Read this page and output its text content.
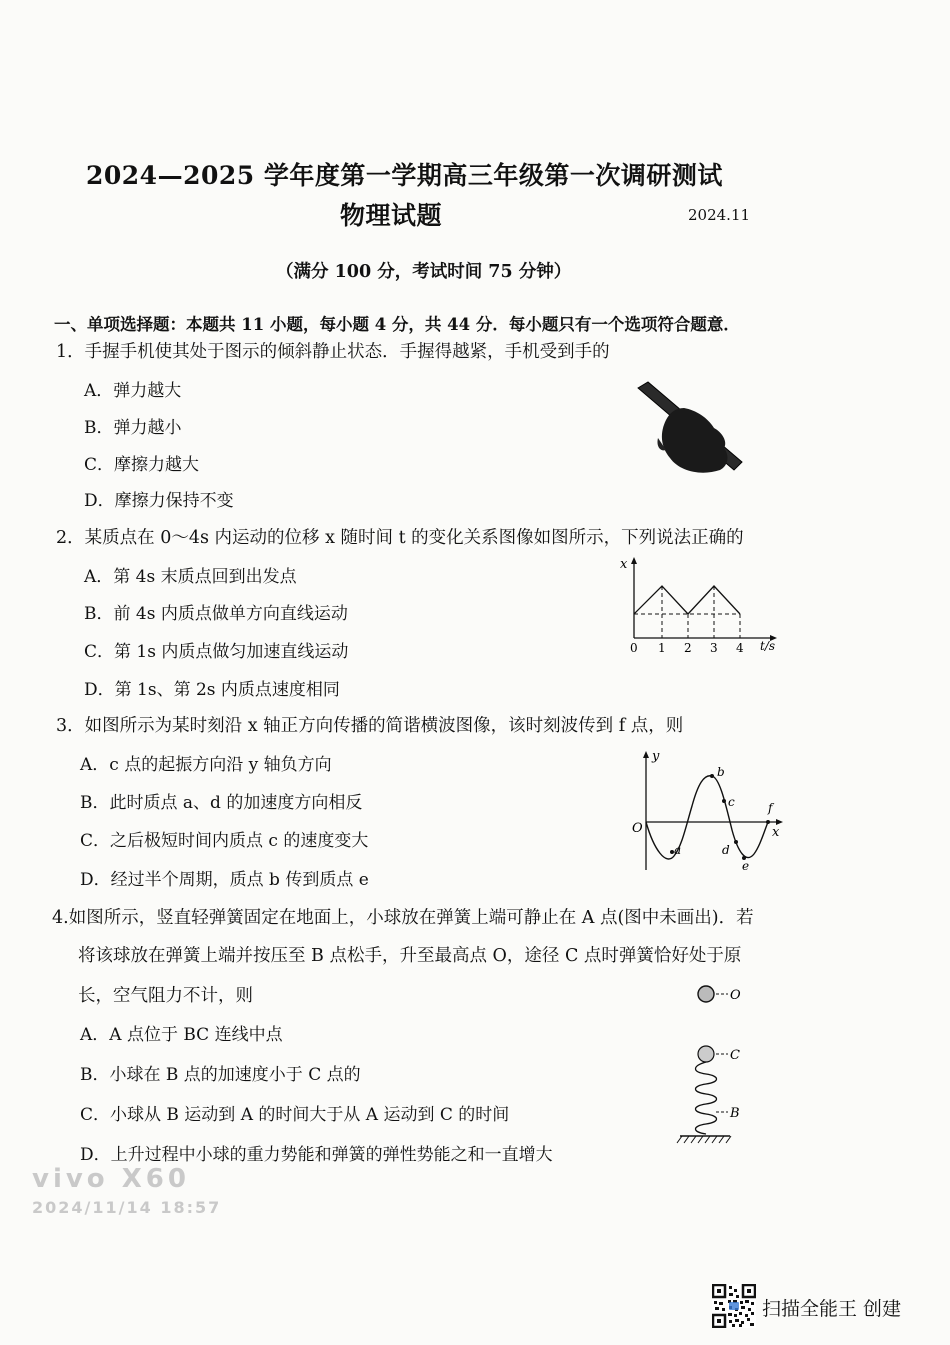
2024—2025 学年度第一学期高三年级第一次调研测试
物理试题	2024.11
（满分 100 分，考试时间 75 分钟）
一、单项选择题：本题共 11 小题，每小题 4 分，共 44 分．每小题只有一个选项符合题意．
1．手握手机使其处于图示的倾斜静止状态．手握得越紧，手机受到手的
A．弹力越大
B．弹力越小
C．摩擦力越大
D．摩擦力保持不变
2．某质点在 0～4s 内运动的位移 x 随时间 t 的变化关系图像如图所示，下列说法正确的
A．第 4s 末质点回到出发点
B．前 4s 内质点做单方向直线运动
C．第 1s 内质点做匀加速直线运动
D．第 1s、第 2s 内质点速度相同
x
t/s
0 1 2 3 4
3．如图所示为某时刻沿 x 轴正方向传播的简谐横波图像，该时刻波传到 f 点，则
A．c 点的起振方向沿 y 轴负方向
B．此时质点 a、d 的加速度方向相反
C．之后极短时间内质点 c 的速度变大
D．经过半个周期，质点 b 传到质点 e
y
x
O
a
b
c
d
e
f
4.如图所示，竖直轻弹簧固定在地面上，小球放在弹簧上端可静止在 A 点(图中未画出)．若
将该球放在弹簧上端并按压至 B 点松手，升至最高点 O，途径 C 点时弹簧恰好处于原
长，空气阻力不计，则
A．A 点位于 BC 连线中点
B．小球在 B 点的加速度小于 C 点的
C．小球从 B 运动到 A 的时间大于从 A 运动到 C 的时间
D．上升过程中小球的重力势能和弹簧的弹性势能之和一直增大
O
C
B
vivo X60
2024/11/14 18:57
扫描全能王 创建
